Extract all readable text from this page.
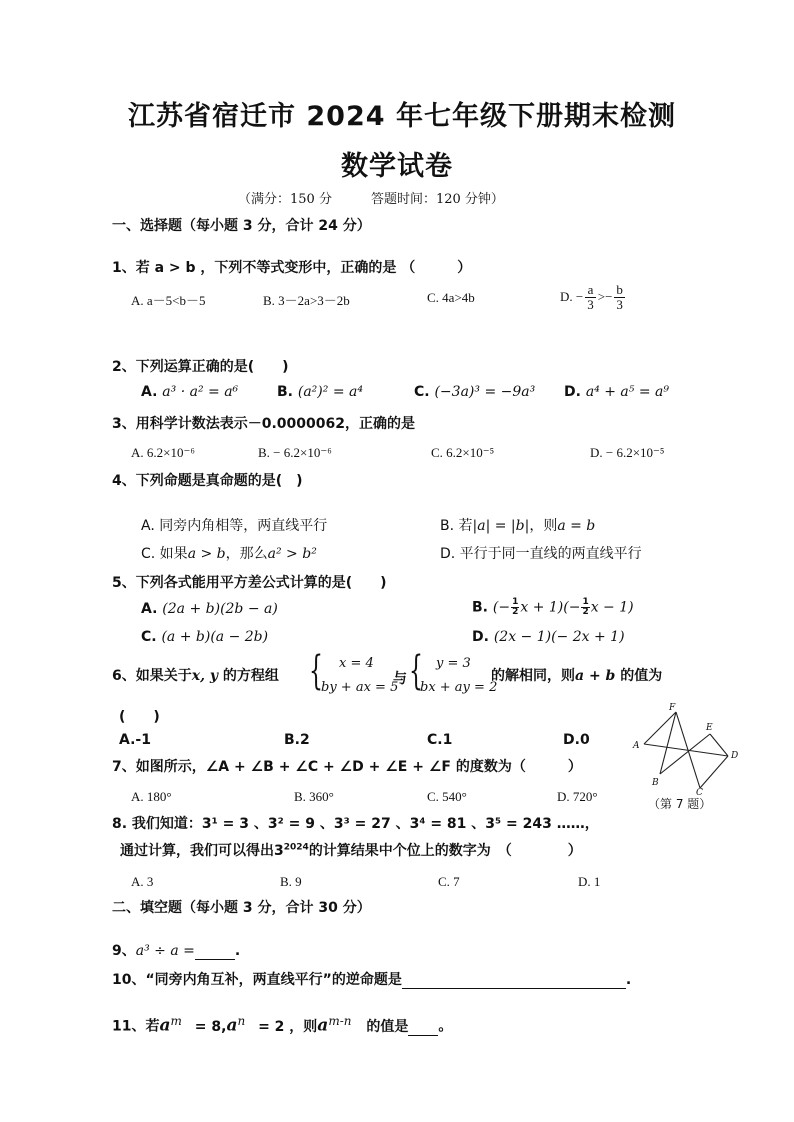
江苏省宿迁市 2024 年七年级下册期末检测
数学试卷
（满分：150 分　　　答题时间：120 分钟）
一、选择题（每小题 3 分，合计 24 分）
1、若 a > b ，下列不等式变形中，正确的是 （　　　）
A. a－5<b－5	B. 3－2a>3－2b	C. 4a>4b	D. − $\frac{a}{3} >- \frac{b}{3}$
2、下列运算正确的是(　　)
A. a³ · a² = a⁶	B. (a²)² = a⁴	C. (−3a)³ = −9a³ D. a⁴ + a⁵ = a⁹
3、用科学计数法表示－0.0000062，正确的是
A. 6.2×10⁻⁶	B. − 6.2×10⁻⁶	C. 6.2×10⁻⁵	D. − 6.2×10⁻⁵
4、下列命题是真命题的是(　)
A. 同旁内角相等，两直线平行	B. 若|a| = |b|，则a = b
C. 如果a > b，那么a² > b²	D. 平行于同一直线的两直线平行
5、下列各式能用平方差公式计算的是(　　)
A. (2a + b)(2b − a)	B. (− $\frac{1}{2}$ $x + 1)(- \frac{1}{2}$ x − 1)
C. (a + b)(a − 2b)	D. (2x − 1)(− 2x + 1)
6、如果关于x, y 的方程组 { x = 4
by + ax = 5
与 { y = 3
bx + ay = 2
的解相同，则a + b 的值为
(　　)
A.-1	B.2	C.1	D.0
7、如图所示，∠A + ∠B + ∠C + ∠D + ∠E + ∠F 的度数为（　　　）
A. 180°	B. 360°	C. 540°	D. 720°
F
E
A
D
B
C
（第 7 题）
8. 我们知道：3¹ = 3 、3² = 9 、3³ = 27 、3⁴ = 81 、3⁵ = 243 ……，
通过计算，我们可以得出$3^{2024}$的计算结果中个位上的数字为　（　　　　）
A. 3	B. 9	C. 7	D. 1
二、填空题（每小题 3 分，合计 30 分）
9、a³ ÷ a =	.
10、“同旁内角互补，两直线平行”的逆命题是	.
11、若$a^m = 8,a^n = 2$ ，则$a^{m-n}$ 的值是 。
